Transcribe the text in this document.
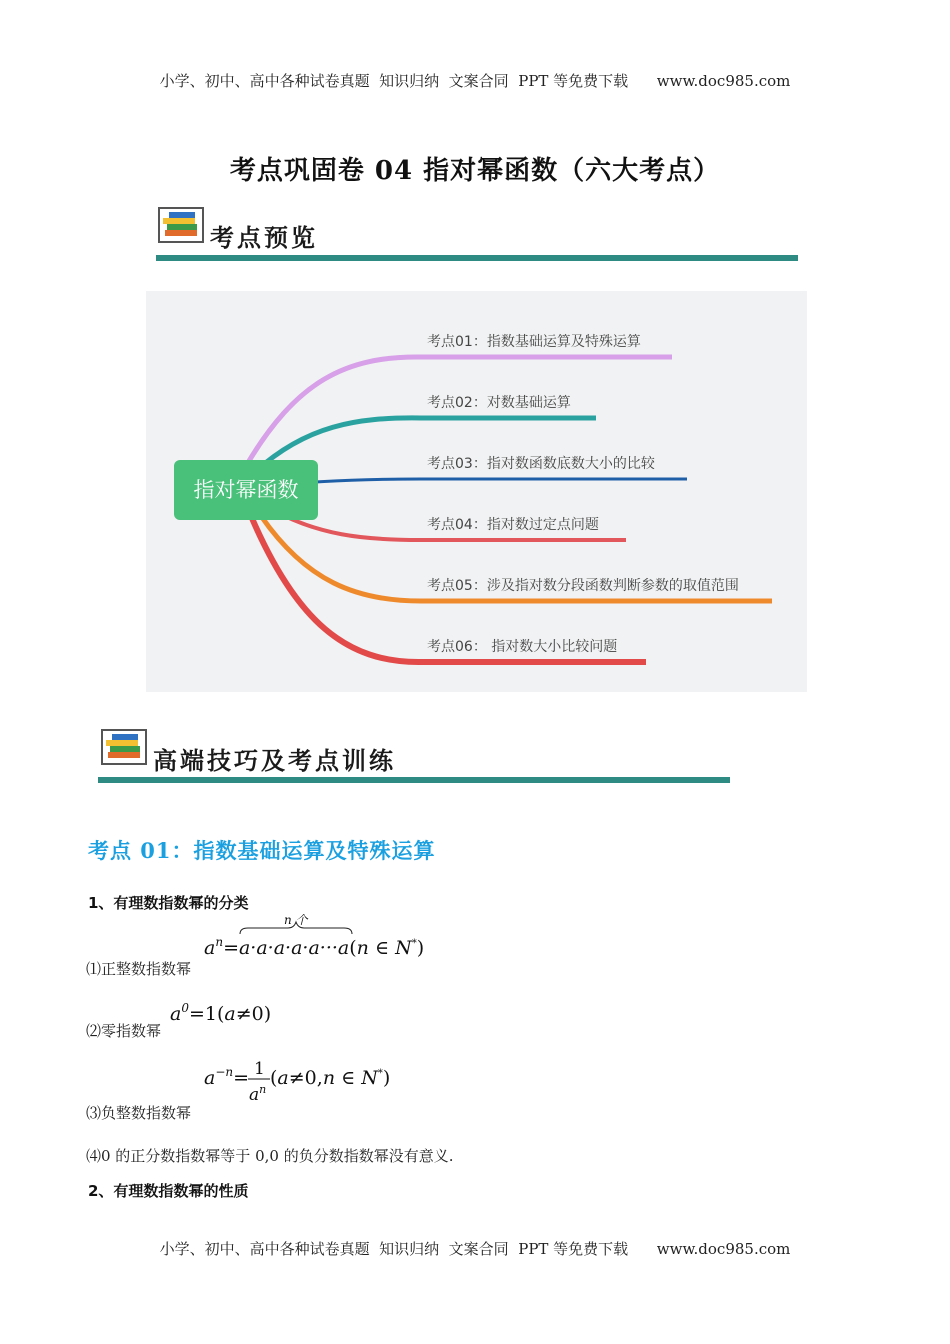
小学、初中、高中各种试卷真题  知识归纳  文案合同  PPT 等免费下载      www.doc985.com
考点巩固卷 04 指对幂函数（六大考点）
考点预览
考点01：指数基础运算及特殊运算
考点02：对数基础运算
考点03：指对数函数底数大小的比较
考点04：指对数过定点问题
考点05：涉及指对数分段函数判断参数的取值范围
考点06： 指对数大小比较问题
指对幂函数
高端技巧及考点训练
考点 01：指数基础运算及特殊运算
1、有理数指数幂的分类
n 个
$a^n=a\cdot a\cdot a\cdot a\cdot a\cdot\cdot\cdot a(n$ ∈ N*)
⑴正整数指数幂
$a^0=1(a\ne 0)$
⑵零指数幂
$a^{-n}= 1$
$a^n$
(a≠0,n ∈ N*)
⑶负整数指数幂
⑷0 的正分数指数幂等于 0,0 的负分数指数幂没有意义.
2、有理数指数幂的性质
小学、初中、高中各种试卷真题  知识归纳  文案合同  PPT 等免费下载      www.doc985.com
